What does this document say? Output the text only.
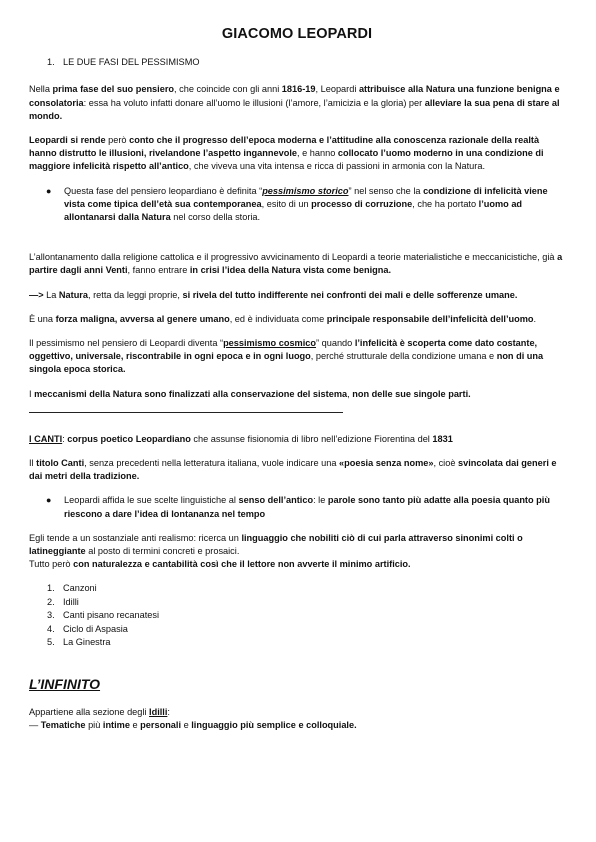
GIACOMO LEOPARDI
1. LE DUE FASI DEL PESSIMISMO

Nella prima fase del suo pensiero, che coincide con gli anni 1816-19, Leopardi attribuisce alla Natura una funzione benigna e consolatoria: essa ha voluto infatti donare all’uomo le illusioni (l’amore, l’amicizia e la gloria) per alleviare la sua pena di stare al mondo.

Leopardi si rende però conto che il progresso dell’epoca moderna e l’attitudine alla conoscenza razionale della realtà hanno distrutto le illusioni, rivelandone l’aspetto ingannevole, e hanno collocato l’uomo moderno in una condizione di maggiore infelicità rispetto all’antico, che viveva una vita intensa e ricca di passioni in armonia con la Natura.

● Questa fase del pensiero leopardiano è definita “pessimismo storico” nel senso che la condizione di infelicità viene vista come tipica dell’età sua contemporanea, esito di un processo di corruzione, che ha portato l’uomo ad allontanarsi dalla Natura nel corso della storia.

L’allontanamento dalla religione cattolica e il progressivo avvicinamento di Leopardi a teorie materialistiche e meccanicistiche, già a partire dagli anni Venti, fanno entrare in crisi l’idea della Natura vista come benigna.

—> La Natura, retta da leggi proprie, si rivela del tutto indifferente nei confronti dei mali e delle sofferenze umane.

È una forza maligna, avversa al genere umano, ed è individuata come principale responsabile dell’infelicità dell’uomo.

Il pessimismo nel pensiero di Leopardi diventa “pessimismo cosmico” quando l’infelicità è scoperta come dato costante, oggettivo, universale, riscontrabile in ogni epoca e in ogni luogo, perché strutturale della condizione umana e non di una singola epoca storica.

I meccanismi della Natura sono finalizzati alla conservazione del sistema, non delle sue singole parti.

I CANTI: corpus poetico Leopardiano che assunse fisionomia di libro nell’edizione Fiorentina del 1831

Il titolo Canti, senza precedenti nella letteratura italiana, vuole indicare una «poesia senza nome», cioè svincolata dai generi e dai metri della tradizione.

● Leopardi affida le sue scelte linguistiche al senso dell’antico: le parole sono tanto più adatte alla poesia quanto più riescono a dare l’idea di lontananza nel tempo

Egli tende a un sostanziale anti realismo: ricerca un linguaggio che nobiliti ciò di cui parla attraverso sinonimi colti o latineggiante al posto di termini concreti e prosaici.

Tutto però con naturalezza e cantabilità così che il lettore non avverte il minimo artificio.

1. Canzoni
2. Idilli
3. Canti pisano recanatesi
4. Ciclo di Aspasia
5. La Ginestra
L’INFINITO

Appartiene alla sezione degli Idilli:

— Tematiche più intime e personali e linguaggio più semplice e colloquiale.
